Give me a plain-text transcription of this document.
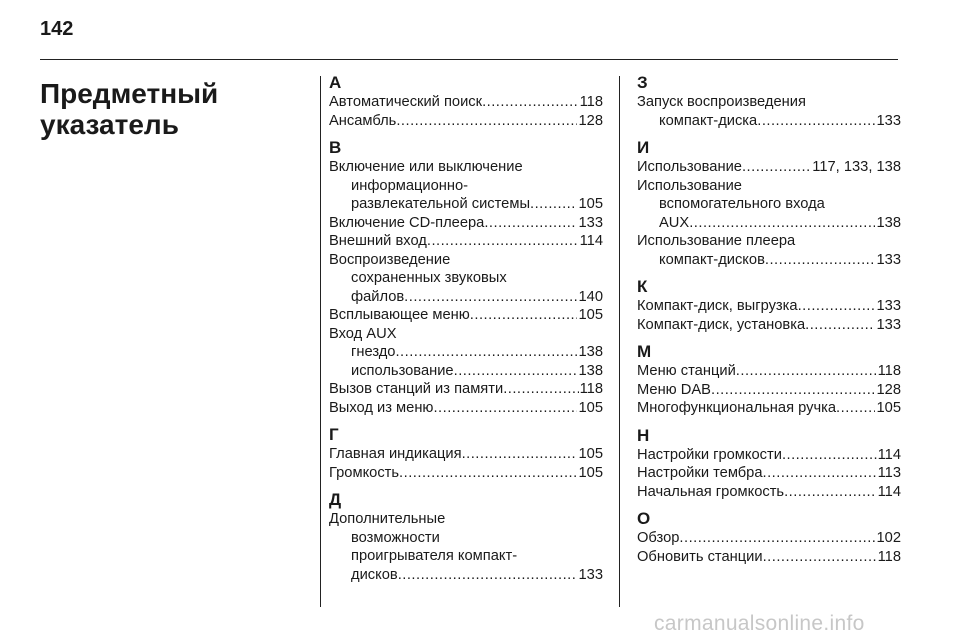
142
Предметный указатель
А
Автоматический поиск .....	118
Ансамбль .....	128
В
Включение или выключение
информационно-
развлекательной системы .....	105
Включение CD-плеера .....	133
Внешний вход .....	114
Воспроизведение
сохраненных звуковых
файлов .....	140
Всплывающее меню .....	105
Вход AUX
гнездо .....	138
использование .....	138
Вызов станций из памяти .....	118
Выход из меню .....	105
Г
Главная индикация .....	105
Громкость .....	105
Д
Дополнительные
возможности
проигрывателя компакт-
дисков .....	133
З
Запуск воспроизведения
компакт-диска .....	133
И
Использование .....	117, 133, 138
Использование
вспомогательного входа
AUX .....	138
Использование плеера
компакт-дисков .....	133
К
Компакт-диск, выгрузка .....	133
Компакт-диск, установка .....	133
М
Меню станций .....	118
Меню DAB .....	128
Многофункциональная ручка .....	105
Н
Настройки громкости .....	114
Настройки тембра .....	113
Начальная громкость .....	114
О
Обзор .....	102
Обновить станции .....	118
carmanualsonline.info
